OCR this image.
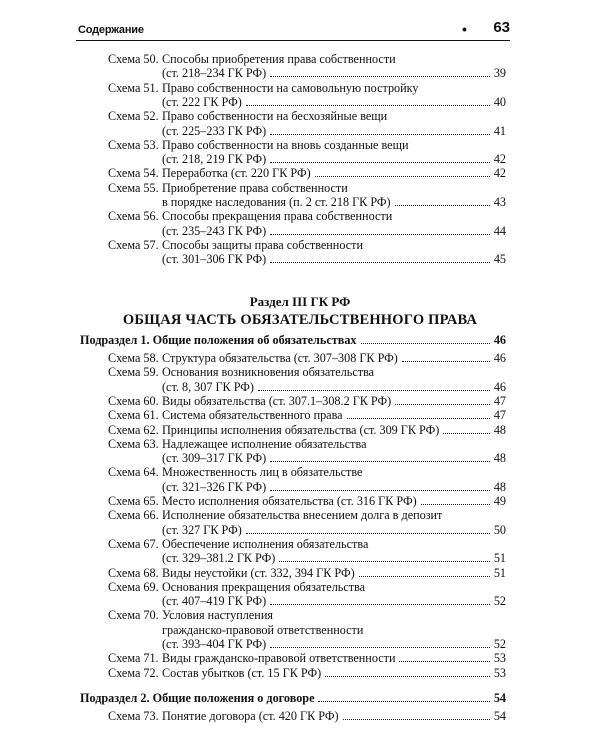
Содержание	• 63
Схема 50. Способы приобретения права собственности
(ст. 218–234 ГК РФ)	39
Схема 51. Право собственности на самовольную постройку
(ст. 222 ГК РФ)	40
Схема 52. Право собственности на бесхозяйные вещи
(ст. 225–233 ГК РФ)	41
Схема 53. Право собственности на вновь созданные вещи
(ст. 218, 219 ГК РФ)	42
Схема 54. Переработка (ст. 220 ГК РФ)	42
Схема 55. Приобретение права собственности
в порядке наследования (п. 2 ст. 218 ГК РФ)	43
Схема 56. Способы прекращения права собственности
(ст. 235–243 ГК РФ)	44
Схема 57. Способы защиты права собственности
(ст. 301–306 ГК РФ)	45
Раздел III ГК РФ
ОБЩАЯ ЧАСТЬ ОБЯЗАТЕЛЬСТВЕННОГО ПРАВА
Подраздел 1. Общие положения об обязательствах	46
Схема 58. Структура обязательства (ст. 307–308 ГК РФ)	46
Схема 59. Основания возникновения обязательства
(ст. 8, 307 ГК РФ)	46
Схема 60. Виды обязательства (ст. 307.1–308.2 ГК РФ)	47
Схема 61. Система обязательственного права	47
Схема 62. Принципы исполнения обязательства (ст. 309 ГК РФ)	48
Схема 63. Надлежащее исполнение обязательства
(ст. 309–317 ГК РФ)	48
Схема 64. Множественность лиц в обязательстве
(ст. 321–326 ГК РФ)	48
Схема 65. Место исполнения обязательства (ст. 316 ГК РФ)	49
Схема 66. Исполнение обязательства внесением долга в депозит
(ст. 327 ГК РФ)	50
Схема 67. Обеспечение исполнения обязательства
(ст. 329–381.2 ГК РФ)	51
Схема 68. Виды неустойки (ст. 332, 394 ГК РФ)	51
Схема 69. Основания прекращения обязательства
(ст. 407–419 ГК РФ)	52
Схема 70. Условия наступления
гражданско-правовой ответственности
(ст. 393–404 ГК РФ)	52
Схема 71. Виды гражданско-правовой ответственности	53
Схема 72. Состав убытков (ст. 15 ГК РФ)	53
Подраздел 2. Общие положения о договоре	54
Схема 73. Понятие договора (ст. 420 ГК РФ)	54
